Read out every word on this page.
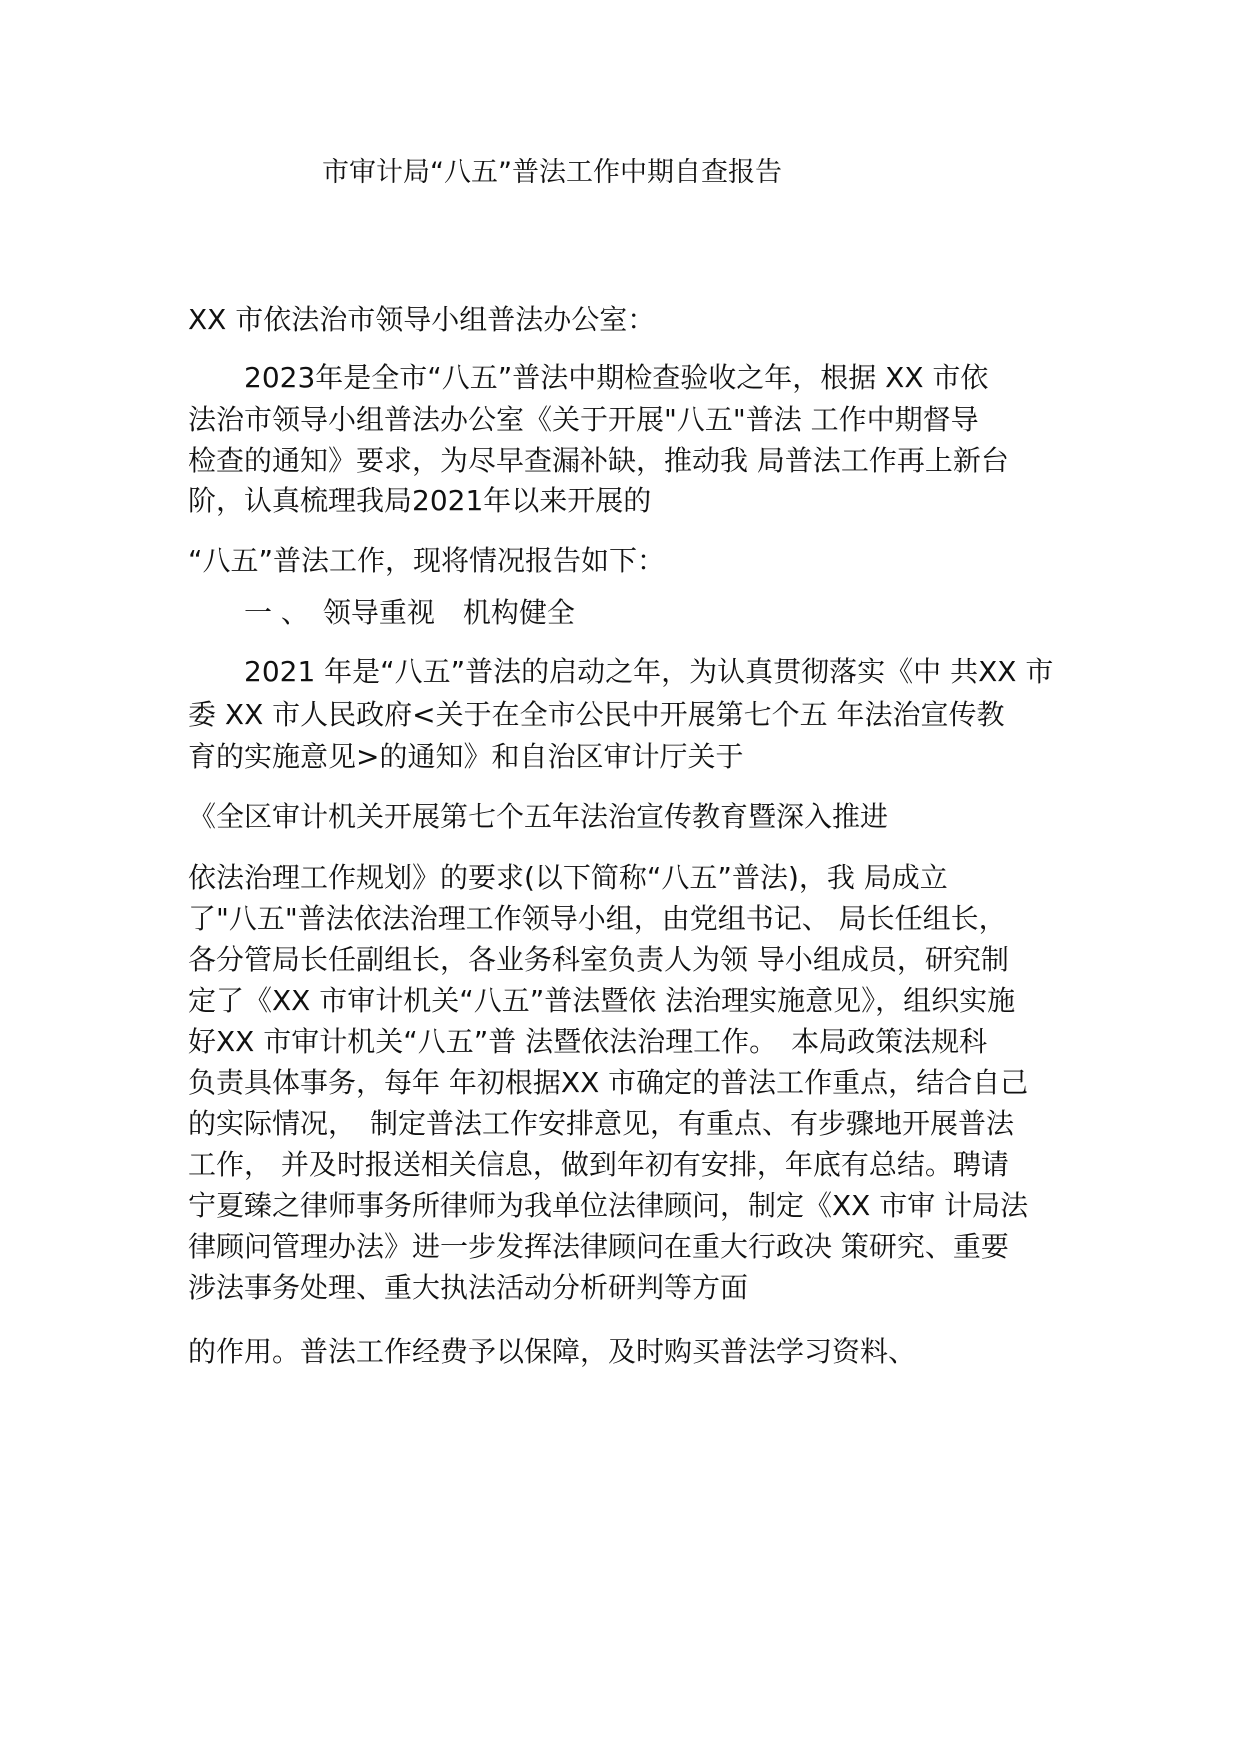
市审计局“八五”普法工作中期自查报告
XX 市依法治市领导小组普法办公室：
　　2023年是全市“八五”普法中期检查验收之年，根据 XX 市依
法治市领导小组普法办公室《关于开展"八五"普法 工作中期督导
检查的通知》要求，为尽早查漏补缺，推动我 局普法工作再上新台
阶，认真梳理我局2021年以来开展的
“八五”普法工作，现将情况报告如下：
　　一 、　领导重视　机构健全
　　2021 年是“八五”普法的启动之年，为认真贯彻落实《中 共XX 市
委 XX 市人民政府<关于在全市公民中开展第七个五 年法治宣传教
育的实施意见>的通知》和自治区审计厅关于
《全区审计机关开展第七个五年法治宣传教育暨深入推进
依法治理工作规划》的要求(以下简称“八五”普法)，我 局成立
了"八五"普法依法治理工作领导小组，由党组书记、 局长任组长，
各分管局长任副组长，各业务科室负责人为领 导小组成员，研究制
定了《XX 市审计机关“八五”普法暨依 法治理实施意见》，组织实施
好XX 市审计机关“八五”普 法暨依法治理工作。　本局政策法规科
负责具体事务，每年 年初根据XX 市确定的普法工作重点，结合自己
的实际情况，　制定普法工作安排意见，有重点、有步骤地开展普法
工作， 并及时报送相关信息，做到年初有安排，年底有总结。聘请
宁夏臻之律师事务所律师为我单位法律顾问，制定《XX 市审 计局法
律顾问管理办法》进一步发挥法律顾问在重大行政决 策研究、重要
涉法事务处理、重大执法活动分析研判等方面
的作用。普法工作经费予以保障，及时购买普法学习资料、
